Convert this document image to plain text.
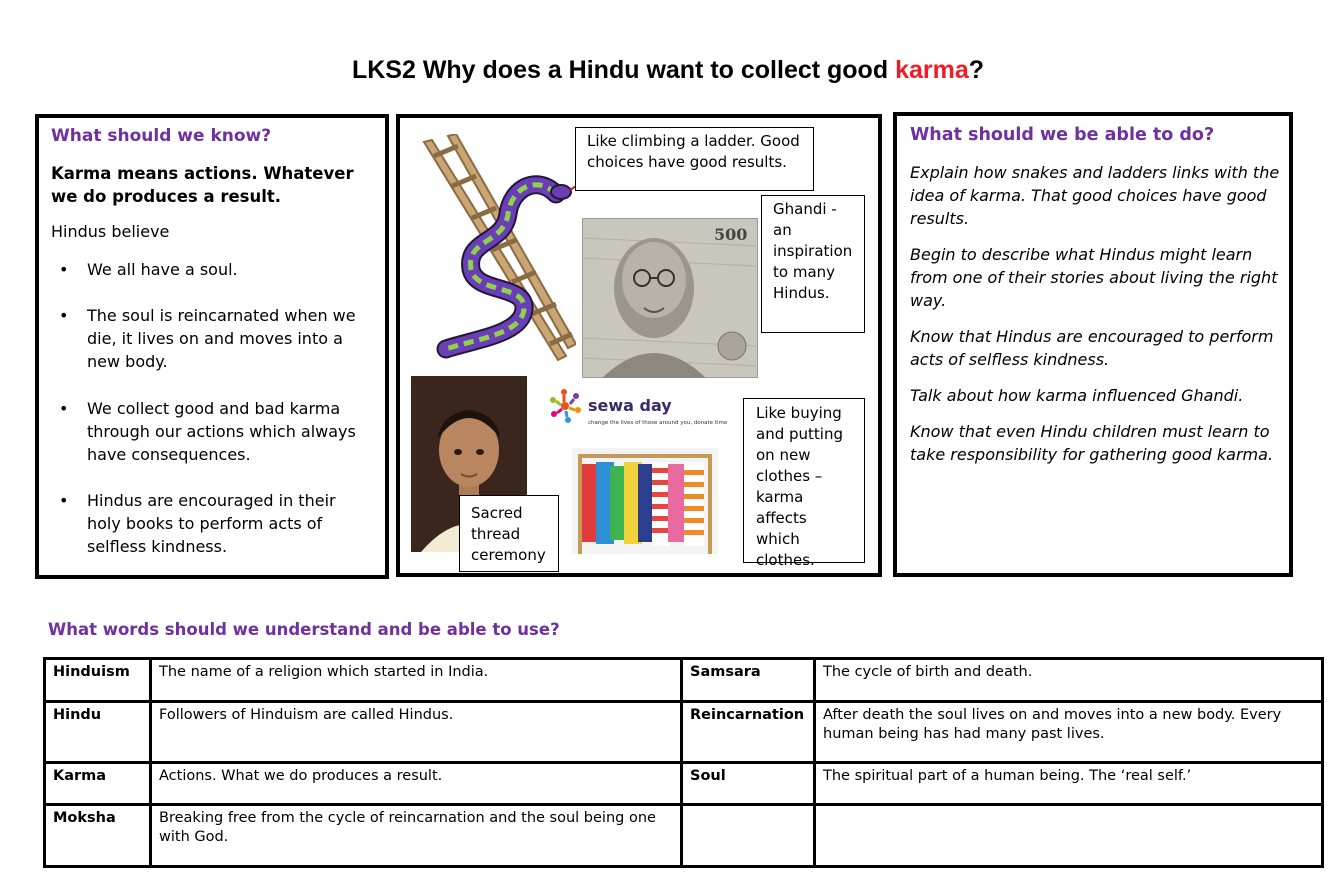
LKS2 Why does a Hindu want to collect good karma?
What should we know?
Karma means actions. Whatever we do produces a result.
Hindus believe
• We all have a soul.
• The soul is reincarnated when we die, it lives on and moves into a new body.
• We collect good and bad karma through our actions which always have consequences.
• Hindus are encouraged in their holy books to perform acts of selfless kindness.
Like climbing a ladder. Good choices have good results.
500
Ghandi - an inspiration to many Hindus.
Sacred thread ceremony
sewa day
change the lives of those around you, donate time
Like buying and putting on new clothes – karma affects which clothes.
What should we be able to do?
Explain how snakes and ladders links with the idea of karma. That good choices have good results.
Begin to describe what Hindus might learn from one of their stories about living the right way.
Know that Hindus are encouraged to perform acts of selfless kindness.
Talk about how karma influenced Ghandi.
Know that even Hindu children must learn to take responsibility for gathering good karma.
What words should we understand and be able to use?
Hinduism	The name of a religion which started in India.	Samsara	The cycle of birth and death.
Hindu	Followers of Hinduism are called Hindus.	Reincarnation	After death the soul lives on and moves into a new body. Every human being has had many past lives.
Karma	Actions. What we do produces a result.	Soul	The spiritual part of a human being. The ‘real self.’
Moksha	Breaking free from the cycle of reincarnation and the soul being one with God.		
